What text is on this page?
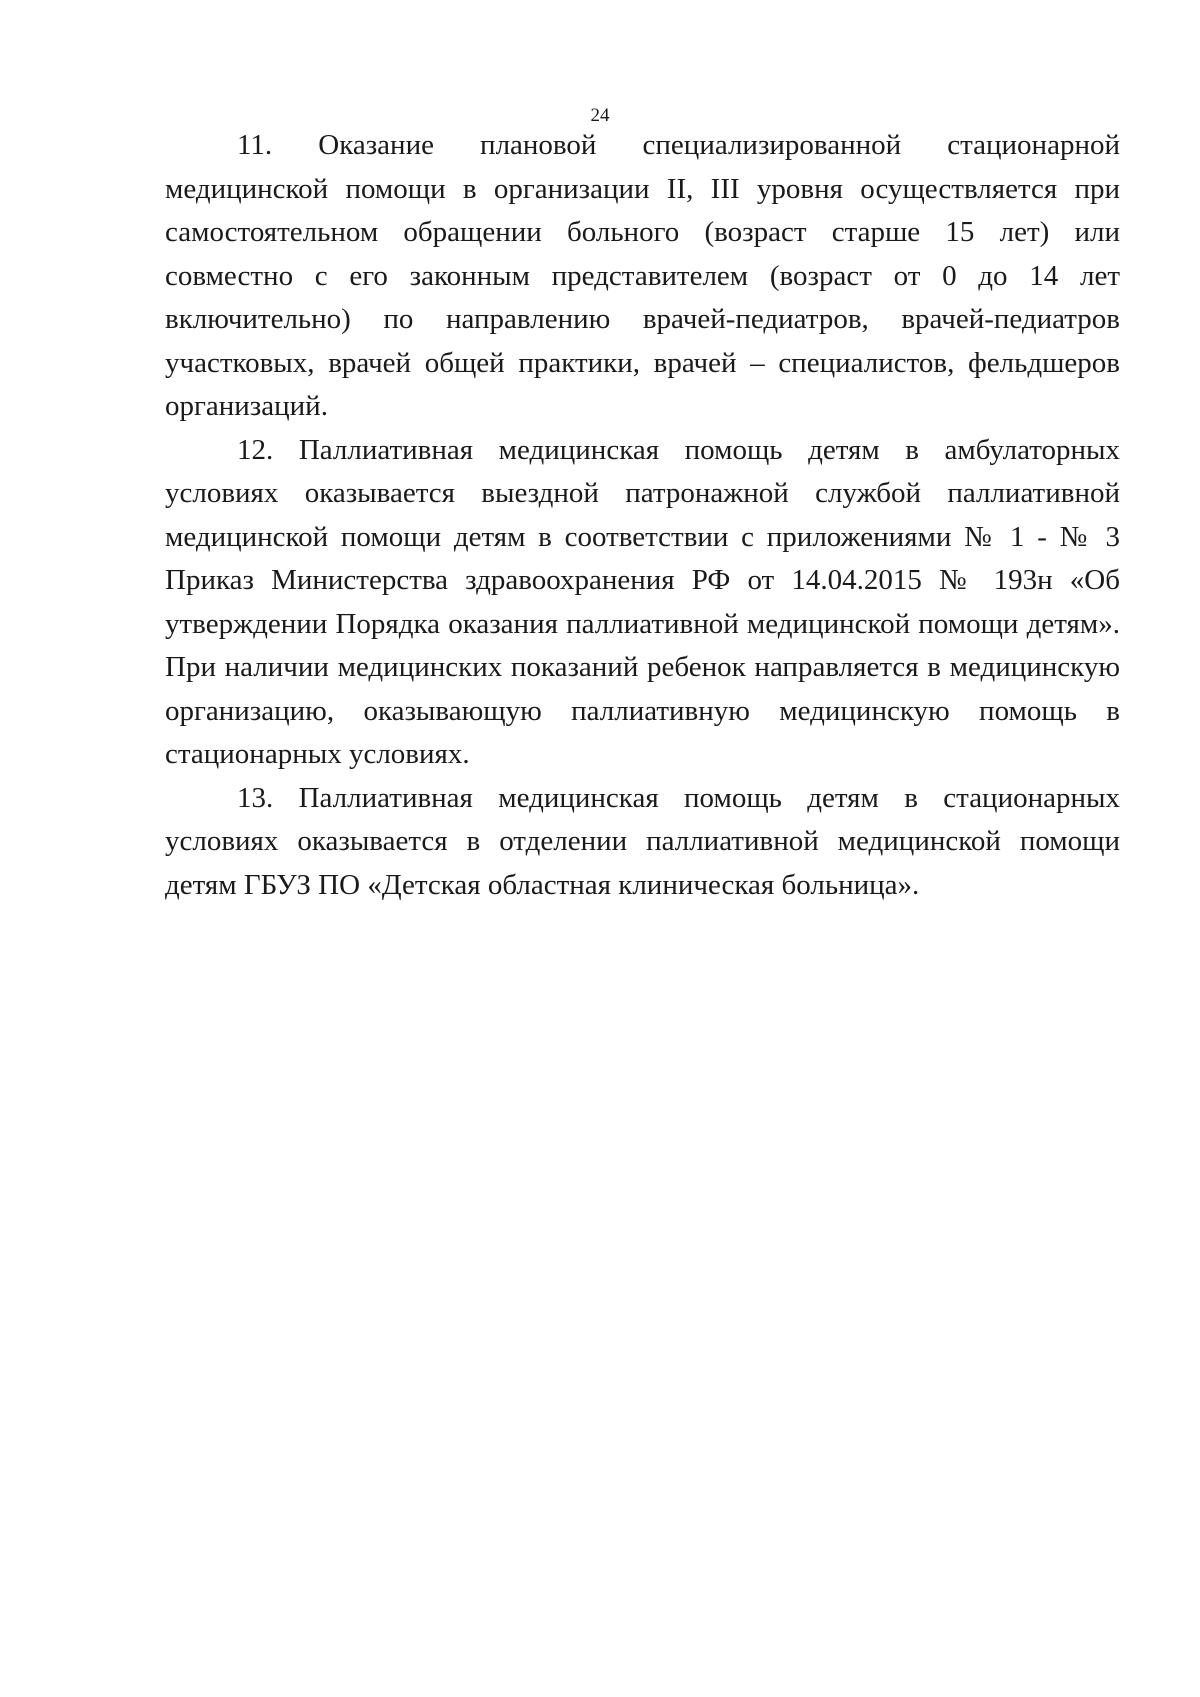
24

11. Оказание плановой специализированной стационарной медицинской помощи в организации II, III уровня осуществляется при самостоятельном обращении больного (возраст старше 15 лет) или совместно с его законным представителем (возраст от 0 до 14 лет включительно) по направлению врачей-педиатров, врачей-педиатров участковых, врачей общей практики, врачей – специалистов, фельдшеров организаций.

12. Паллиативная медицинская помощь детям в амбулаторных условиях оказывается выездной патронажной службой паллиативной медицинской помощи детям в соответствии с приложениями № 1 - № 3 Приказ Министерства здравоохранения РФ от 14.04.2015 № 193н «Об утверждении Порядка оказания паллиативной медицинской помощи детям». При наличии медицинских показаний ребенок направляется в медицинскую организацию, оказывающую паллиативную медицинскую помощь в стационарных условиях.

13. Паллиативная медицинская помощь детям в стационарных условиях оказывается в отделении паллиативной медицинской помощи детям ГБУЗ ПО «Детская областная клиническая больница».
